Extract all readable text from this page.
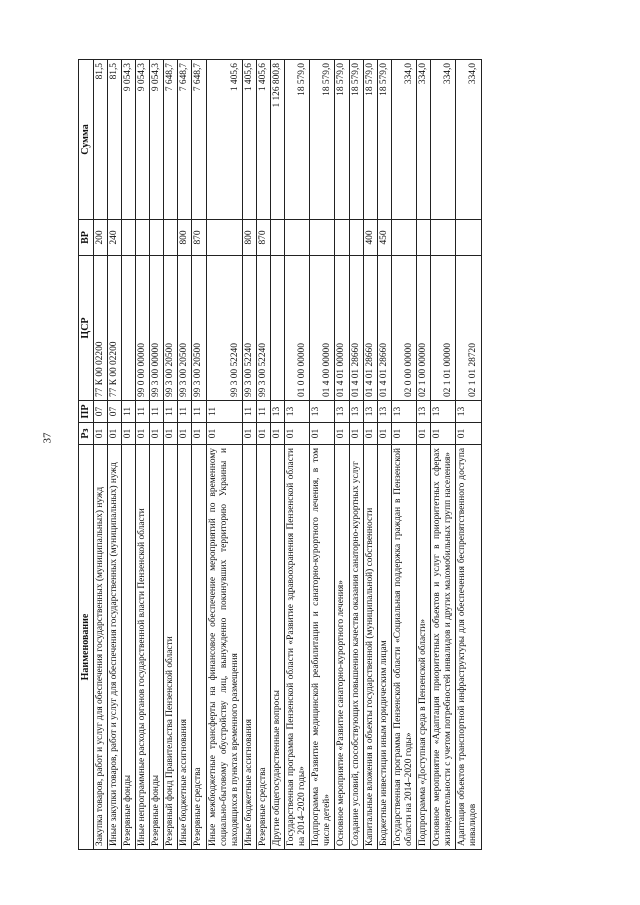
37
Наименование	Рз	ПР	ЦСР	ВР	Сумма
Закупка товаров, работ и услуг для обеспечения государственных (муниципальных) нужд	01	07	77 К 00 02200	200	81,5
Иные закупки товаров, работ и услуг для обеспечения государственных (муниципальных) нужд	01	07	77 К 00 02200	240	81,5
Резервные фонды	01	11			9 054,3
Иные непрограммные расходы органов государственной власти Пензенской области	01	11	99 0 00 00000		9 054,3
Резервные фонды	01	11	99 3 00 00000		9 054,3
Резервный фонд Правительства Пензенской области	01	11	99 3 00 20500		7 648,7
Иные бюджетные ассигнования	01	11	99 3 00 20500	800	7 648,7
Резервные средства	01	11	99 3 00 20500	870	7 648,7
Иные межбюджетные трансферты на финансовое обеспечение мероприятий по временному социально-бытовому обустройству лиц, вынужденно покинувших территорию Украины и находящихся в пунктах временного размещения	01	11	99 3 00 52240		1 405,6
Иные бюджетные ассигнования	01	11	99 3 00 52240	800	1 405,6
Резервные средства	01	11	99 3 00 52240	870	1 405,6
Другие общегосударственные вопросы	01	13			1 126 800,8
Государственная программа Пензенской области «Развитие здравоохранения Пензенской области на 2014–2020 годы»	01	13	01 0 00 00000		18 579,0
Подпрограмма «Развитие медицинской реабилитации и санаторно-курортного лечения, в том числе детей»	01	13	01 4 00 00000		18 579,0
Основное мероприятие «Развитие санаторно-курортного лечения»	01	13	01 4 01 00000		18 579,0
Создание условий, способствующих повышению качества оказания санаторно-курортных услуг	01	13	01 4 01 28660		18 579,0
Капитальные вложения в объекты государственной (муниципальной) собственности	01	13	01 4 01 28660	400	18 579,0
Бюджетные инвестиции иным юридическим лицам	01	13	01 4 01 28660	450	18 579,0
Государственная программа Пензенской области «Социальная поддержка граждан в Пензенской области на 2014–2020 годы»	01	13	02 0 00 00000		334,0
Подпрограмма «Доступная среда в Пензенской области»	01	13	02 1 00 00000		334,0
Основное мероприятие «Адаптация приоритетных объектов и услуг в приоритетных сферах жизнедеятельности с учетом потребностей инвалидов и других маломобильных групп населения»	01	13	02 1 01 00000		334,0
Адаптация объектов транспортной инфраструктуры для обеспечения беспрепятственного доступа инвалидов	01	13	02 1 01 28720		334,0
